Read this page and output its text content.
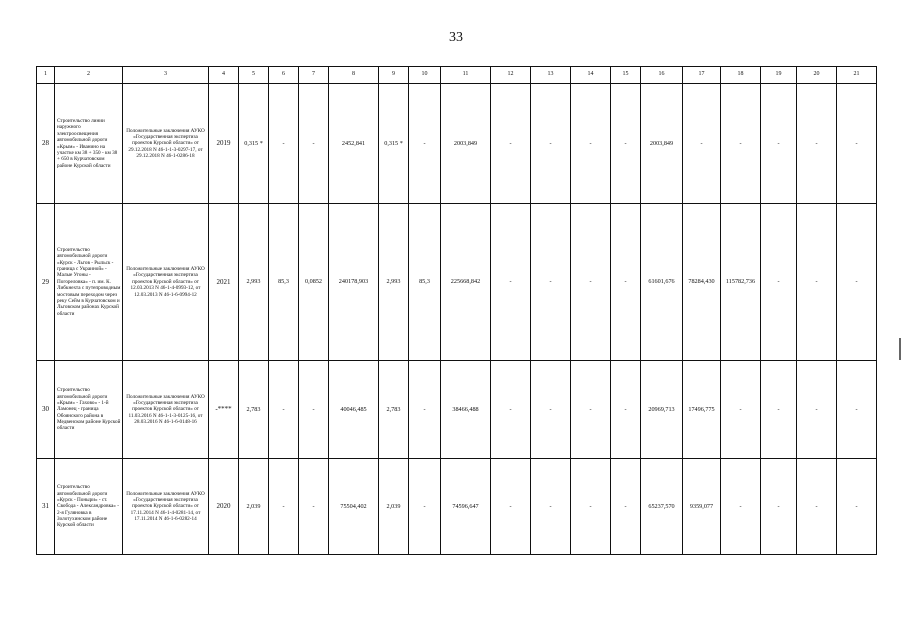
33
1	2	3	4	5	6	7	8	9	10	11	12	13	14	15	16	17	18	19	20	21
28	Строительство линии наружного электроосвещения автомобильной дороги «Крым» - Иванино на участке км 38 + 350 - км 38 + 650 в Курчатовском районе Курской области	Положительные заключения АУКО «Государственная экспертиза проектов Курской области» от 29.12.2018 N 46-1-1-3-0297-17, от 29.12.2018 N 46-1-0286-18	2019	0,315 *	-	-	2452,841	0,315 *	-	2003,849	-	-	-	-	2003,849	-	-	-	-	-
29	Строительство автомобильной дороги «Курск - Льгов - Рыльск - граница с Украиной» - Малые Угоны - Погореловка» - п. им. К. Либкнехта с путепроводным мостовым переходом через реку Сейм в Курчатовском и Льговском районах Курской области	Положительные заключения АУКО «Государственная экспертиза проектов Курской области» от 12.03.2013 N 46-1-4-0993-12, от 12.03.2013 N 46-1-6-0994-12	2021	2,993	85,3	0,0852	240178,903	2,993	85,3	225668,842	-	-	-	-	61601,676	78284,430	115782,736	-	-	-
30	Строительство автомобильной дороги «Крым» - Гахово» - 1-й Ламонец - граница Обоянского района в Медвенском районе Курской области	Положительные заключения АУКО «Государственная экспертиза проектов Курской области» от 11.03.2016 N 46-1-1-3-0125-16, от 28.03.2016 N 46-1-6-0148-16	-****	2,783	-	-	40046,485	2,783	-	38466,488	-	-	-	-	20969,713	17496,775	-	-	-	-
31	Строительство автомобильной дороги «Курск - Поныри» - ст. Свобода - Александровка» - 2-я Гуляновка в Золотухинском районе Курской области	Положительные заключения АУКО «Государственная экспертиза проектов Курской области» от 17.11.2014 N 46-1-4-0281-14, от 17.11.2014 N 46-1-6-0282-14	2020	2,039	-	-	75504,402	2,039	-	74596,647	-	-	-	-	65237,570	9359,077	-	-	-	-
